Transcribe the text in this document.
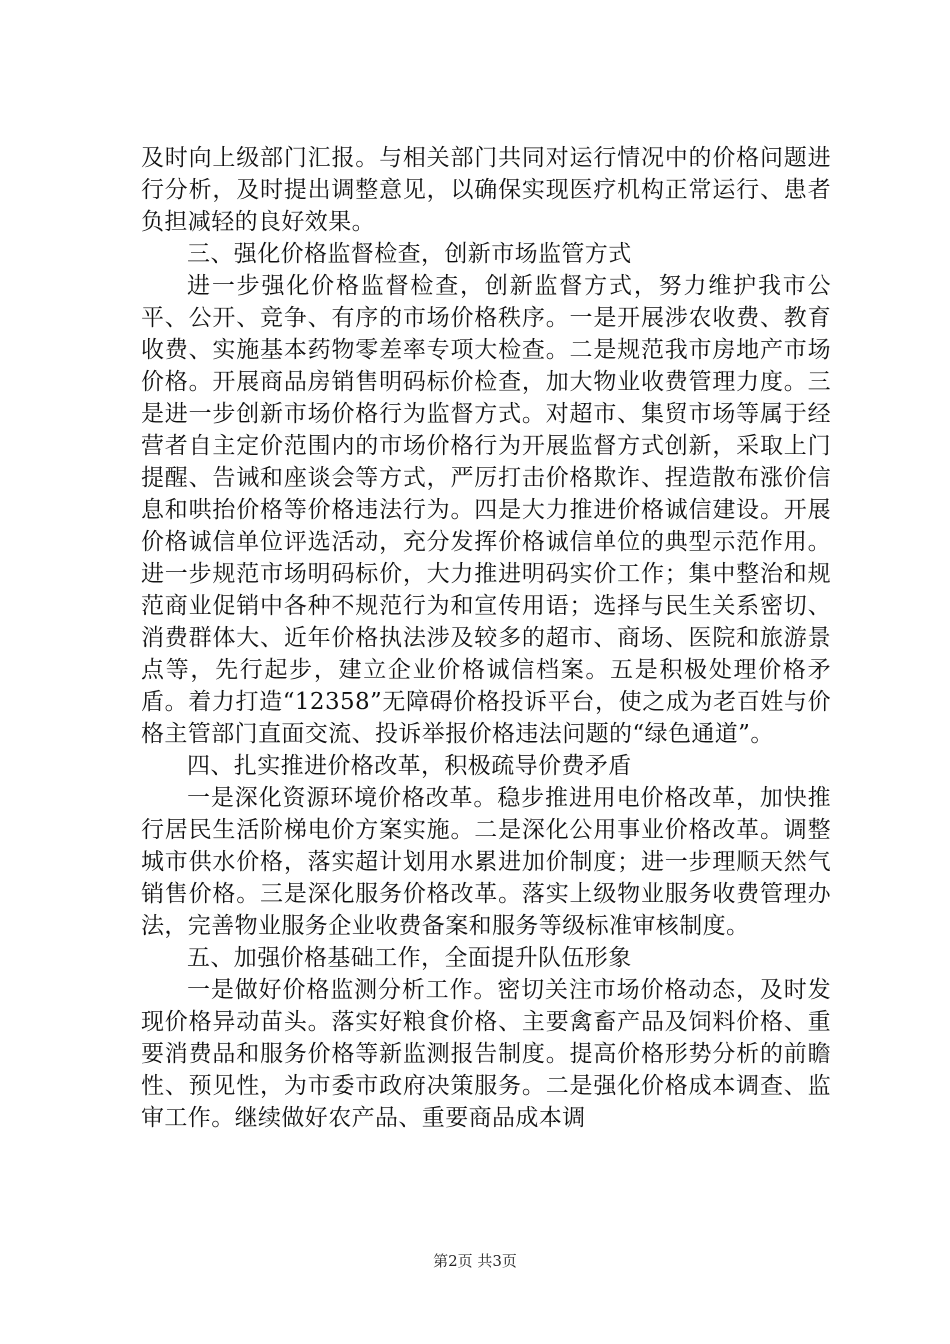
及时向上级部门汇报。与相关部门共同对运行情况中的价格问题进行分析，及时提出调整意见，以确保实现医疗机构正常运行、患者负担减轻的良好效果。

三、强化价格监督检查，创新市场监管方式

进一步强化价格监督检查，创新监督方式，努力维护我市公平、公开、竞争、有序的市场价格秩序。一是开展涉农收费、教育收费、实施基本药物零差率专项大检查。二是规范我市房地产市场价格。开展商品房销售明码标价检查，加大物业收费管理力度。三是进一步创新市场价格行为监督方式。对超市、集贸市场等属于经营者自主定价范围内的市场价格行为开展监督方式创新，采取上门提醒、告诫和座谈会等方式，严厉打击价格欺诈、捏造散布涨价信息和哄抬价格等价格违法行为。四是大力推进价格诚信建设。开展价格诚信单位评选活动，充分发挥价格诚信单位的典型示范作用。进一步规范市场明码标价，大力推进明码实价工作；集中整治和规范商业促销中各种不规范行为和宣传用语；选择与民生关系密切、消费群体大、近年价格执法涉及较多的超市、商场、医院和旅游景点等，先行起步，建立企业价格诚信档案。五是积极处理价格矛盾。着力打造“12358”无障碍价格投诉平台，使之成为老百姓与价格主管部门直面交流、投诉举报价格违法问题的“绿色通道”。

四、扎实推进价格改革，积极疏导价费矛盾

一是深化资源环境价格改革。稳步推进用电价格改革，加快推行居民生活阶梯电价方案实施。二是深化公用事业价格改革。调整城市供水价格，落实超计划用水累进加价制度；进一步理顺天然气销售价格。三是深化服务价格改革。落实上级物业服务收费管理办法，完善物业服务企业收费备案和服务等级标准审核制度。

五、加强价格基础工作，全面提升队伍形象

一是做好价格监测分析工作。密切关注市场价格动态，及时发现价格异动苗头。落实好粮食价格、主要禽畜产品及饲料价格、重要消费品和服务价格等新监测报告制度。提高价格形势分析的前瞻性、预见性，为市委市政府决策服务。二是强化价格成本调查、监审工作。继续做好农产品、重要商品成本调

第2页 共3页
